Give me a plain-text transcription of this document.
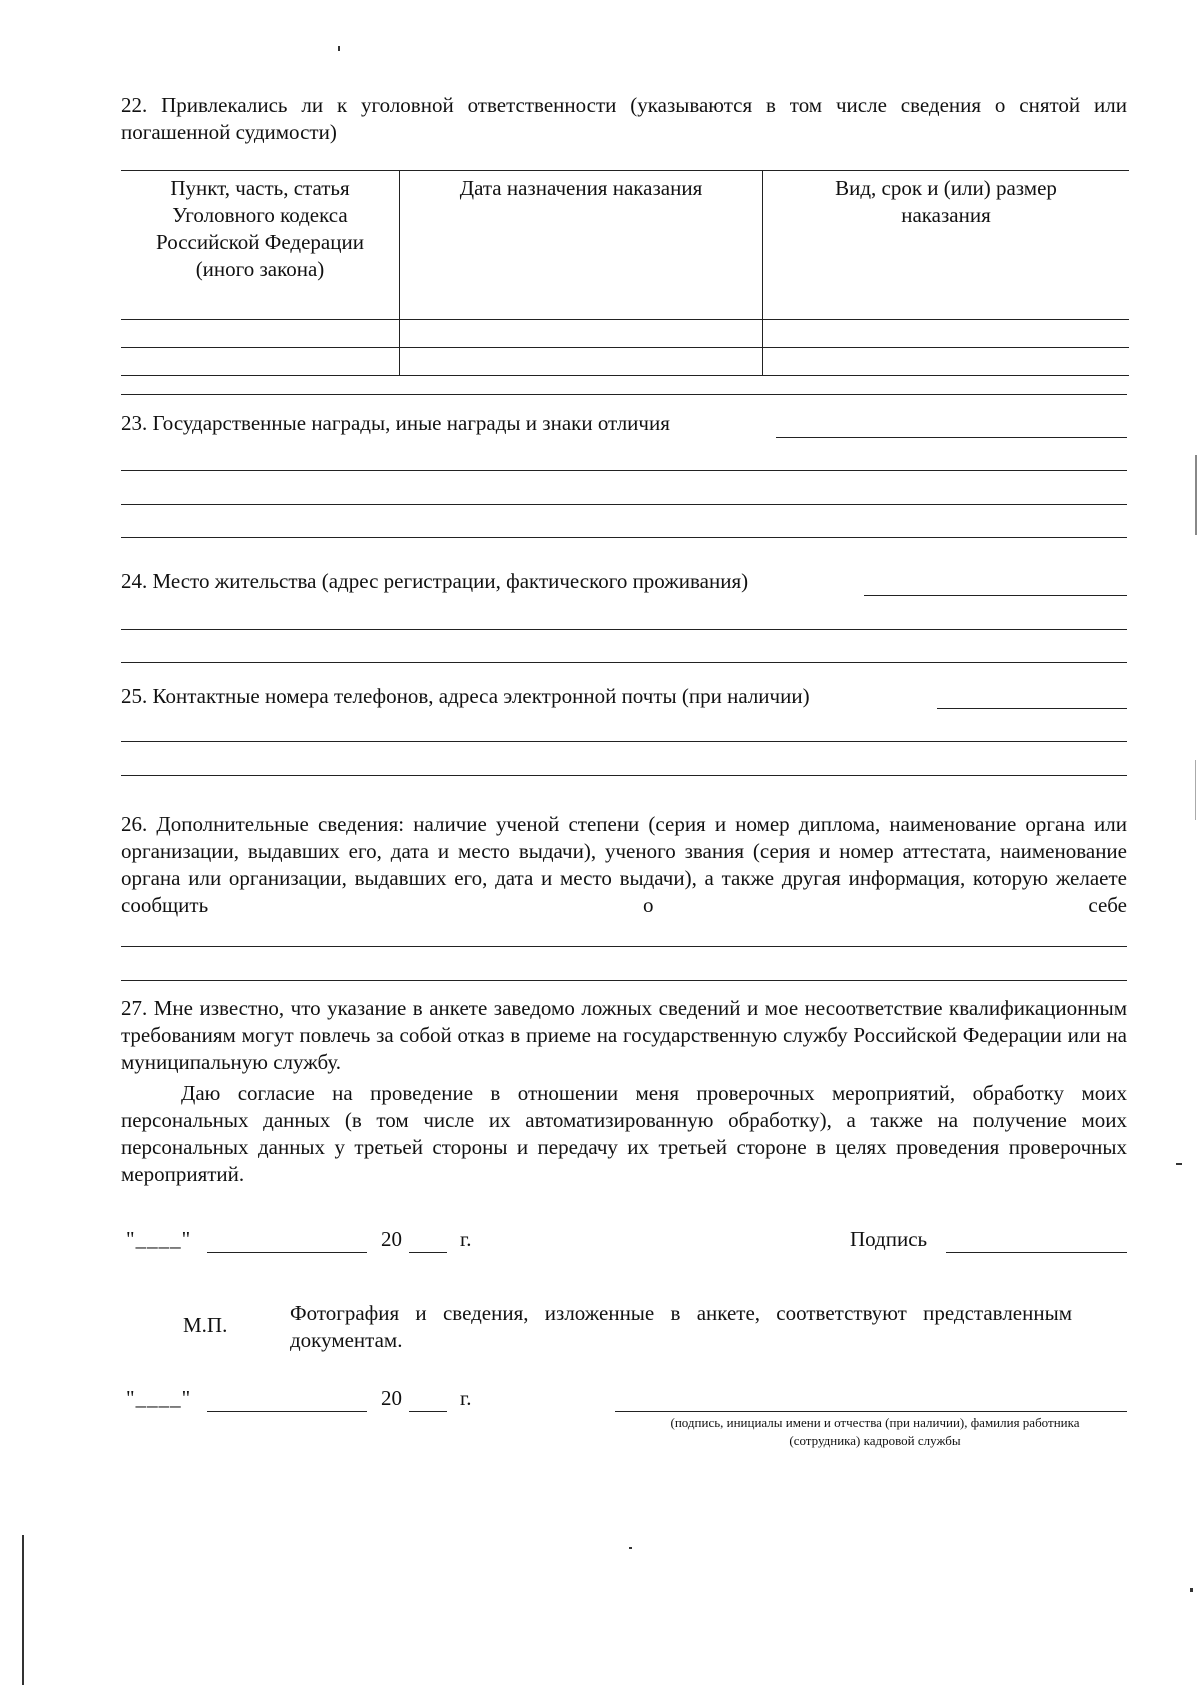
22. Привлекались ли к уголовной ответственности (указываются в том числе сведения о снятой или погашенной судимости)
Пункт, часть, статья Уголовного кодекса Российской Федерации (иного закона)	Дата назначения наказания	Вид, срок и (или) размер наказания

23. Государственные награды, иные награды и знаки отличия
24. Место жительства (адрес регистрации, фактического проживания)
25. Контактные номера телефонов, адреса электронной почты (при наличии)
26. Дополнительные сведения: наличие ученой степени (серия и номер диплома, наименование органа или организации, выдавших его, дата и место выдачи), ученого звания (серия и номер аттестата, наименование органа или организации, выдавших его, дата и место выдачи), а также другая информация, которую желаете сообщить о себе
27. Мне известно, что указание в анкете заведомо ложных сведений и мое несоответствие квалификационным требованиям могут повлечь за собой отказ в приеме на государственную службу Российской Федерации или на муниципальную службу.
Даю согласие на проведение в отношении меня проверочных мероприятий, обработку моих персональных данных (в том числе их автоматизированную обработку), а также на получение моих персональных данных у третьей стороны и передачу их третьей стороне в целях проведения проверочных мероприятий.
"____"	20	г.	Подпись
М.П.	Фотография и сведения, изложенные в анкете, соответствуют представленным документам.
"____"	20	г.
(подпись, инициалы имени и отчества (при наличии), фамилия работника (сотрудника) кадровой службы
